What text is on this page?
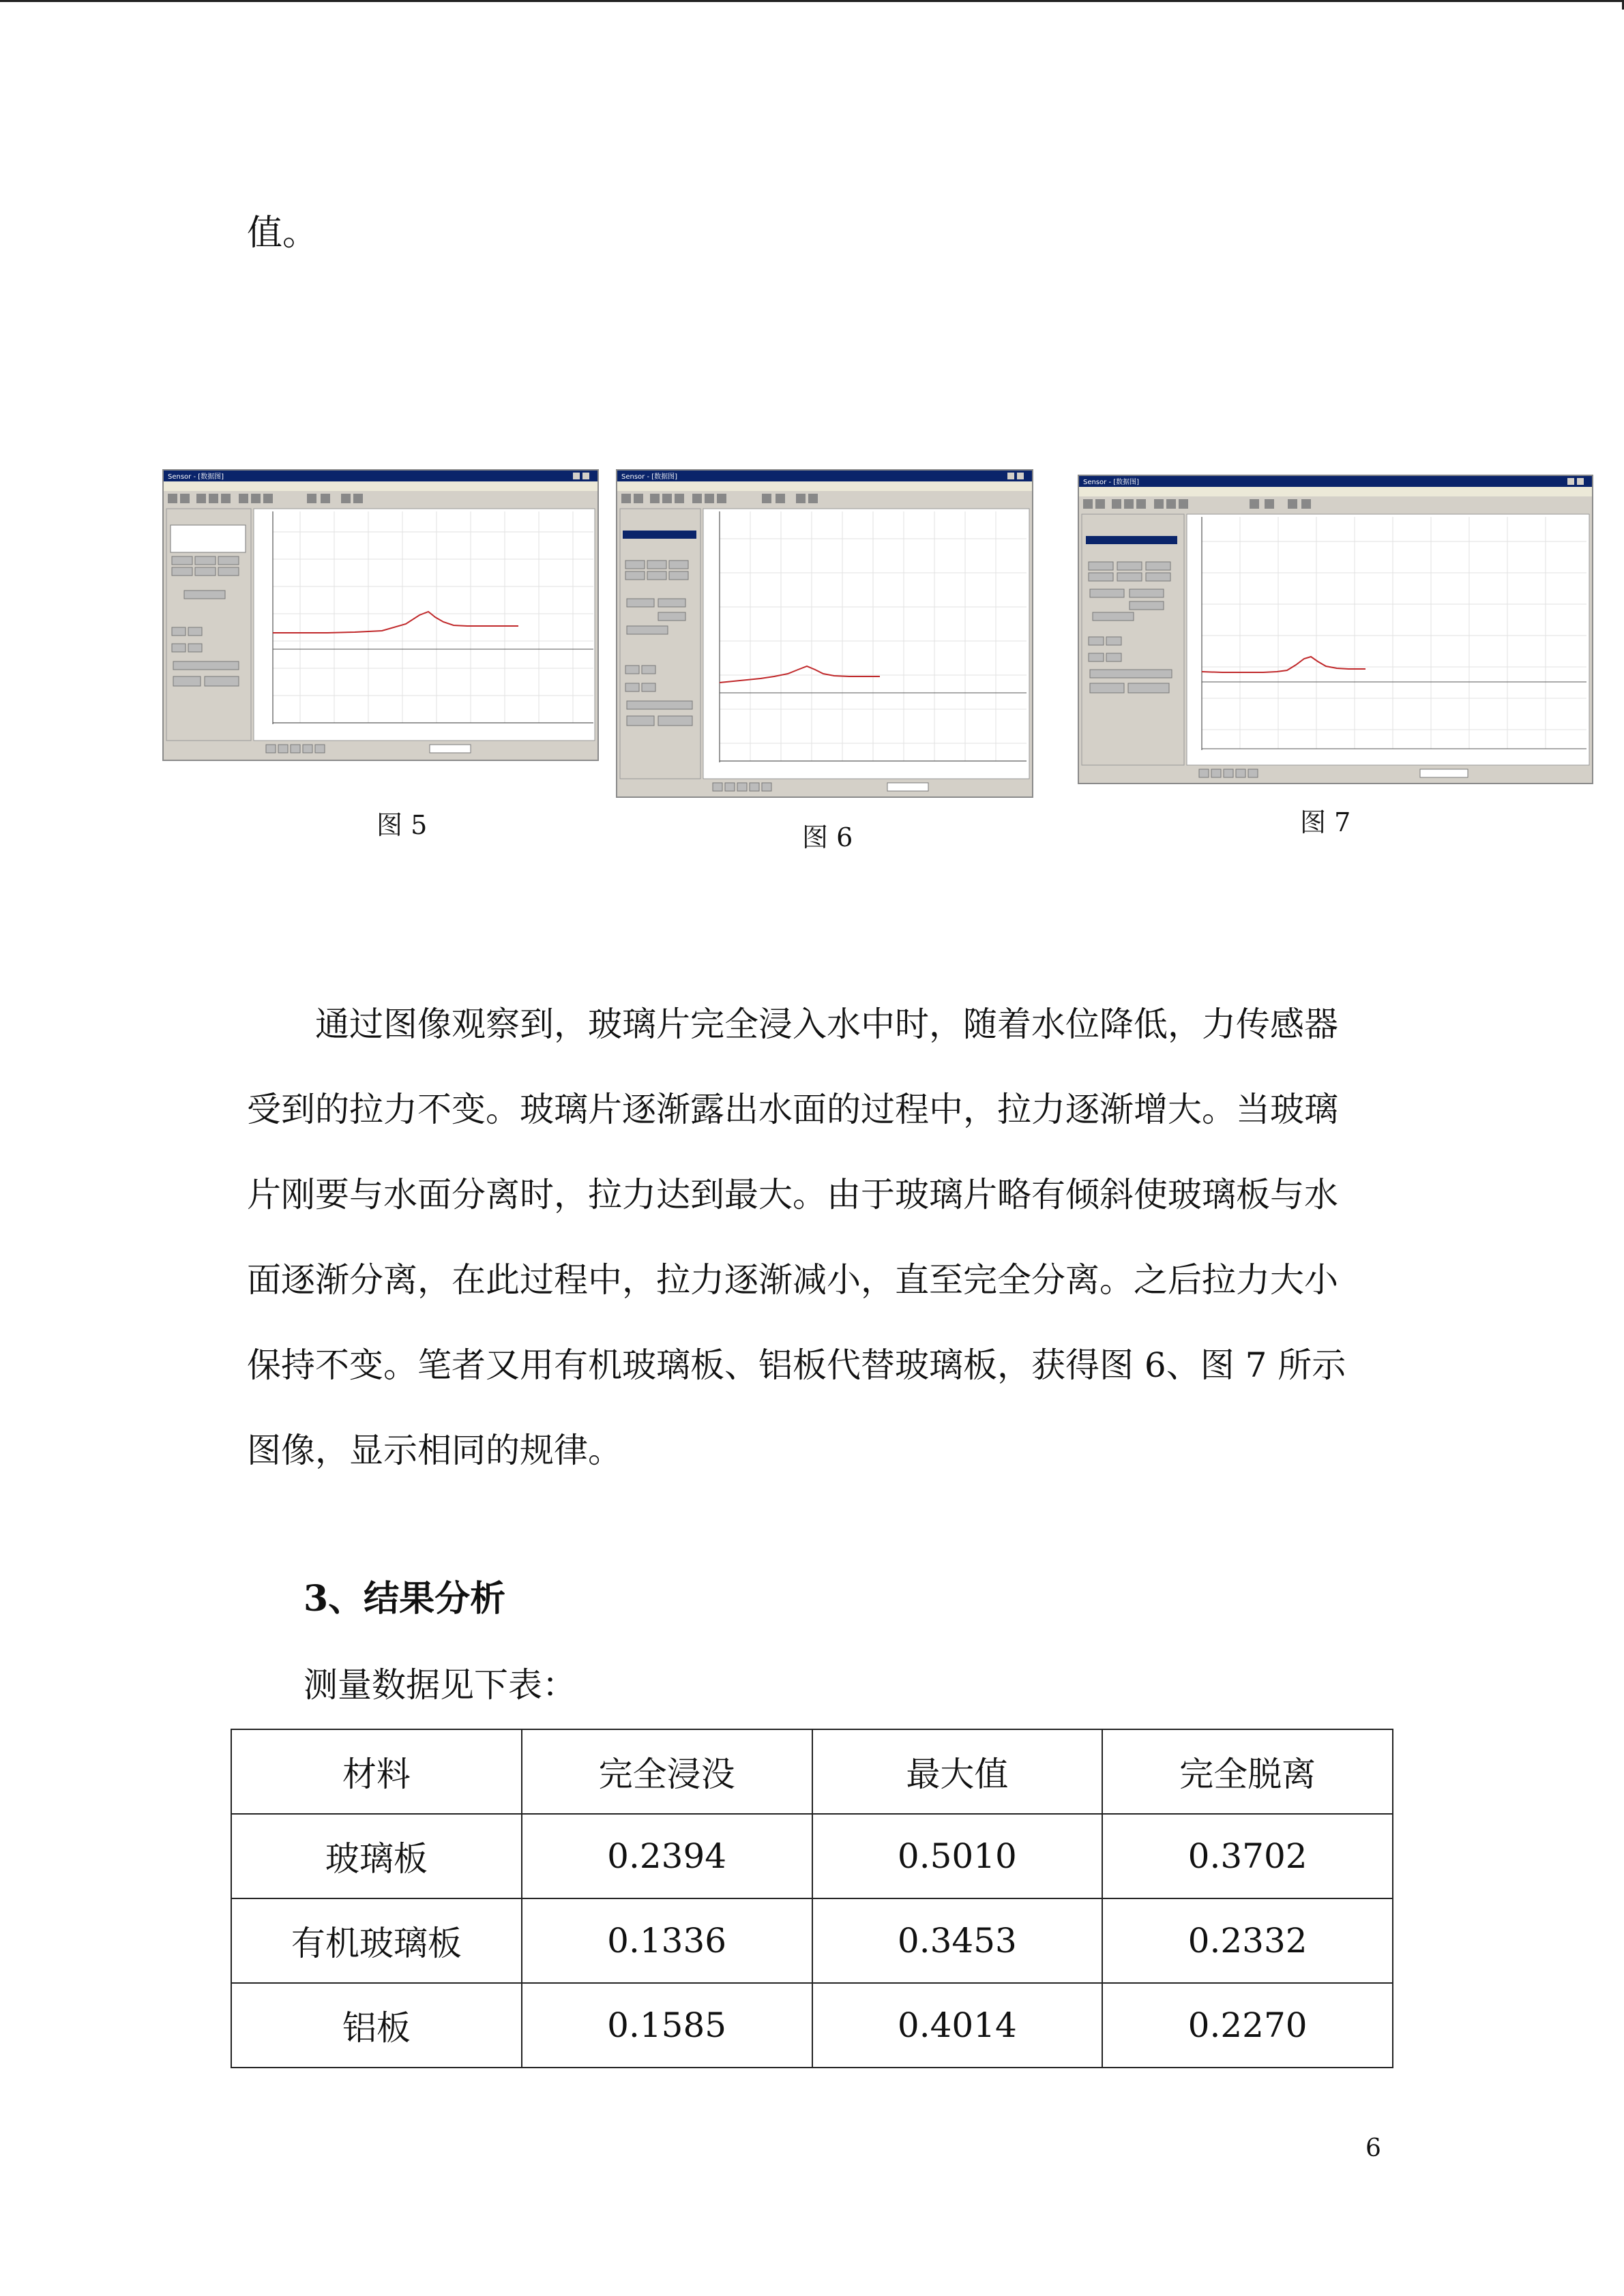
值。
Sensor - [数据图]
图 5
Sensor - [数据图]
图 6
Sensor - [数据图]
图 7

通过图像观察到，玻璃片完全浸入水中时，随着水位降低，力传感器受到的拉力不变。玻璃片逐渐露出水面的过程中，拉力逐渐增大。当玻璃片刚要与水面分离时，拉力达到最大。由于玻璃片略有倾斜使玻璃板与水面逐渐分离，在此过程中，拉力逐渐减小，直至完全分离。之后拉力大小保持不变。笔者又用有机玻璃板、铝板代替玻璃板，获得图 6、图 7 所示图像，显示相同的规律。

3、结果分析
测量数据见下表：
材料	完全浸没	最大值	完全脱离
玻璃板	0.2394	0.5010	0.3702
有机玻璃板	0.1336	0.3453	0.2332
铝板	0.1585	0.4014	0.2270
6
